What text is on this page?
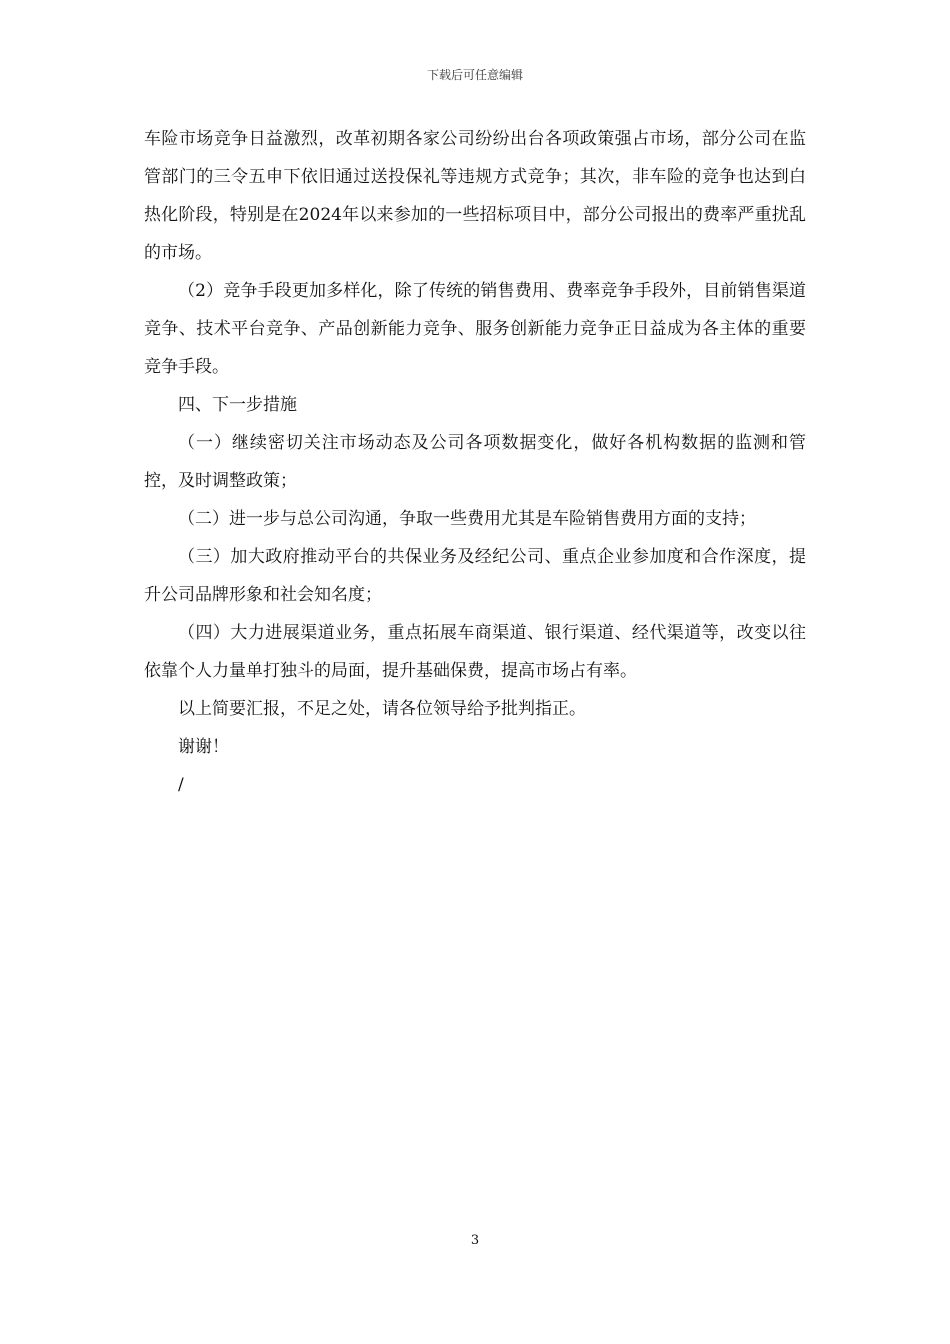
下载后可任意编辑

车险市场竞争日益激烈，改革初期各家公司纷纷出台各项政策强占市场，部分公司在监管部门的三令五申下依旧通过送投保礼等违规方式竞争；其次，非车险的竞争也达到白热化阶段，特别是在2024年以来参加的一些招标项目中，部分公司报出的费率严重扰乱的市场。

（2）竞争手段更加多样化，除了传统的销售费用、费率竞争手段外，目前销售渠道竞争、技术平台竞争、产品创新能力竞争、服务创新能力竞争正日益成为各主体的重要竞争手段。

四、下一步措施

（一）继续密切关注市场动态及公司各项数据变化，做好各机构数据的监测和管控，及时调整政策；

（二）进一步与总公司沟通，争取一些费用尤其是车险销售费用方面的支持；

（三）加大政府推动平台的共保业务及经纪公司、重点企业参加度和合作深度，提升公司品牌形象和社会知名度；

（四）大力进展渠道业务，重点拓展车商渠道、银行渠道、经代渠道等，改变以往依靠个人力量单打独斗的局面，提升基础保费，提高市场占有率。

以上简要汇报，不足之处，请各位领导给予批判指正。

谢谢！

/

3
